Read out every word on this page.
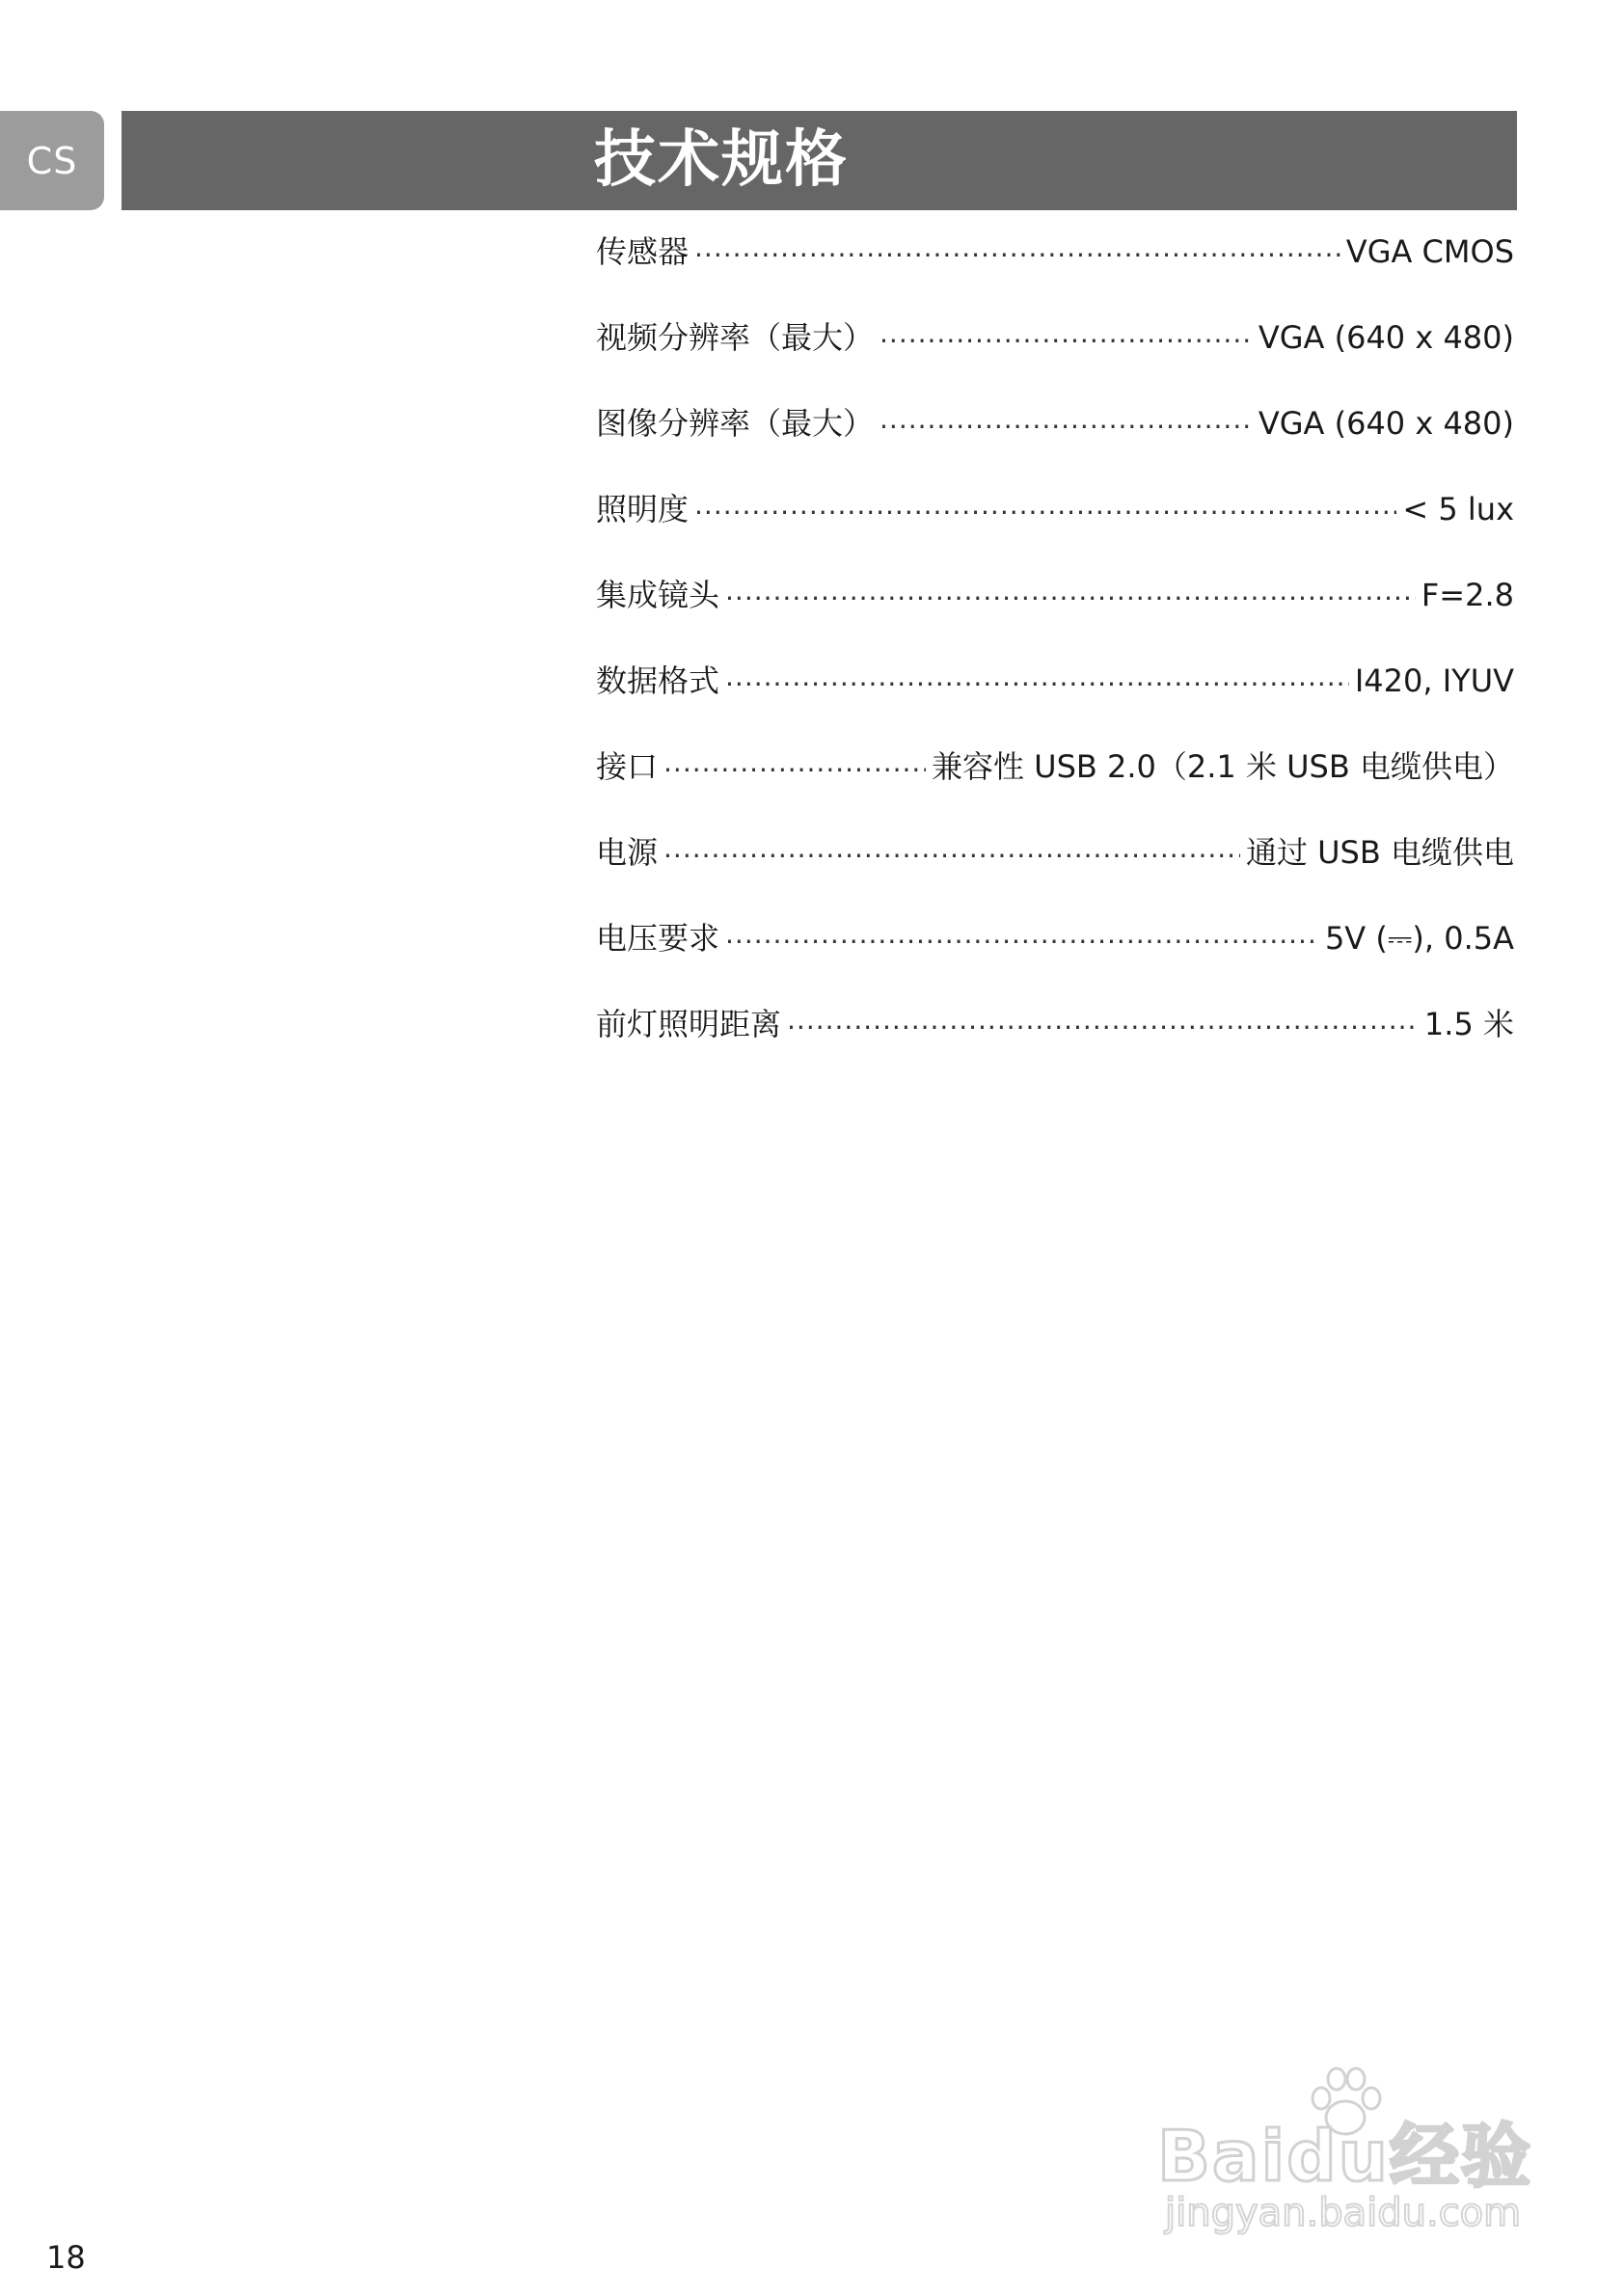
CS	技术规格
传感器 .....	VGA CMOS
视频分辨率（最大） .....	VGA (640 x 480)
图像分辨率（最大） .....	VGA (640 x 480)
照明度 .....	< 5 lux
集成镜头 .....	F=2.8
数据格式 .....	I420, IYUV
接口 .....	兼容性 USB 2.0（2.1 米 USB 电缆供电）
电源 .....	通过 USB 电缆供电
电压要求 .....	5V (⎓), 0.5A
前灯照明距离 .....	1.5 米
18
Baidu经验
jingyan.baidu.com
